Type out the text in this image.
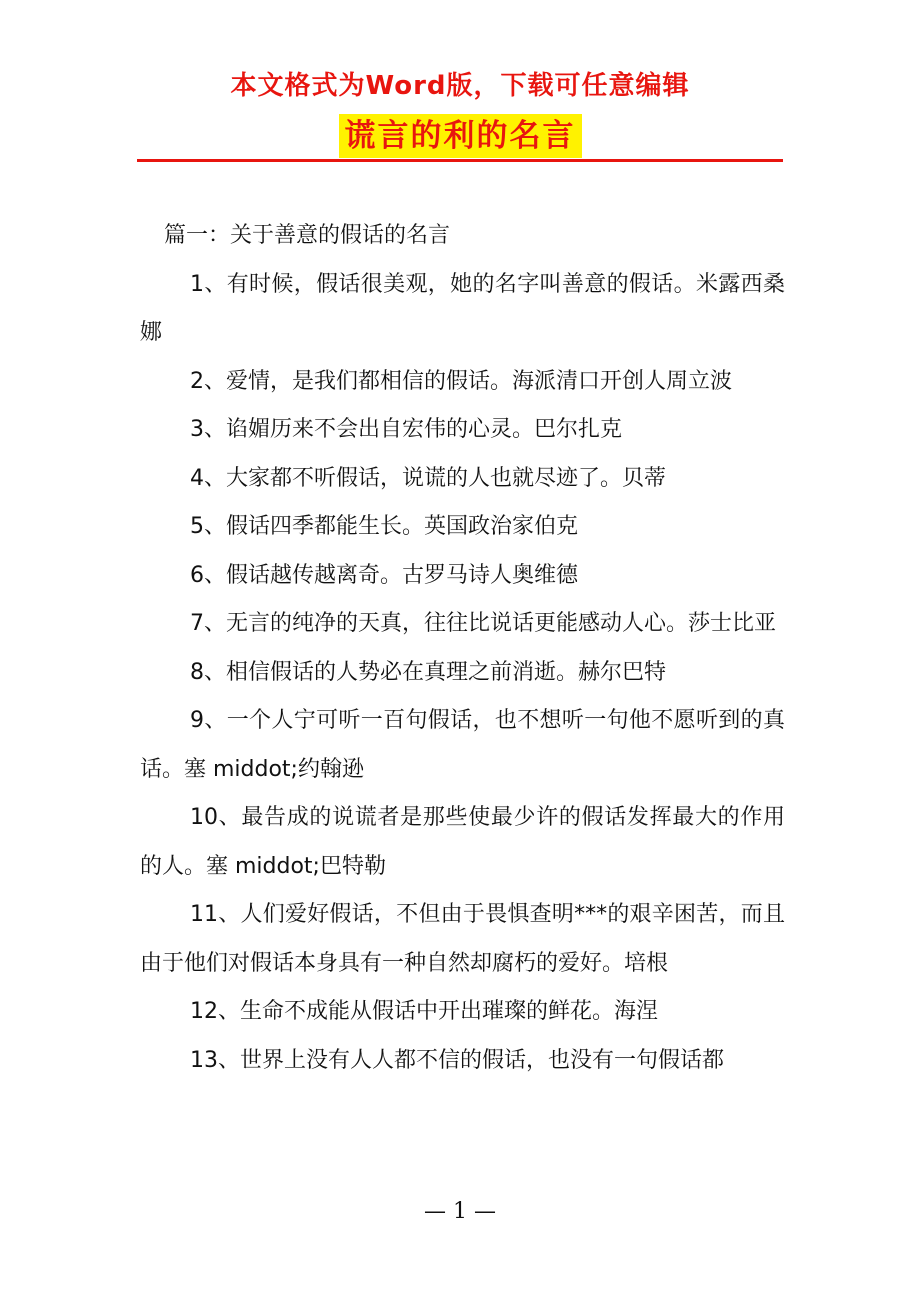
本文格式为Word版，下载可任意编辑
谎言的利的名言

篇一：关于善意的假话的名言

1、有时候，假话很美观，她的名字叫善意的假话。米露西桑娜

2、爱情，是我们都相信的假话。海派清口开创人周立波

3、谄媚历来不会出自宏伟的心灵。巴尔扎克

4、大家都不听假话，说谎的人也就尽迹了。贝蒂

5、假话四季都能生长。英国政治家伯克

6、假话越传越离奇。古罗马诗人奥维德

7、无言的纯净的天真，往往比说话更能感动人心。莎士比亚

8、相信假话的人势必在真理之前消逝。赫尔巴特

9、一个人宁可听一百句假话，也不想听一句他不愿听到的真话。塞 middot;约翰逊

10、最告成的说谎者是那些使最少许的假话发挥最大的作用的人。塞 middot;巴特勒

11、人们爱好假话，不但由于畏惧查明***的艰辛困苦，而且由于他们对假话本身具有一种自然却腐朽的爱好。培根

12、生命不成能从假话中开出璀璨的鲜花。海涅

13、世界上没有人人都不信的假话，也没有一句假话都

— 1 —
